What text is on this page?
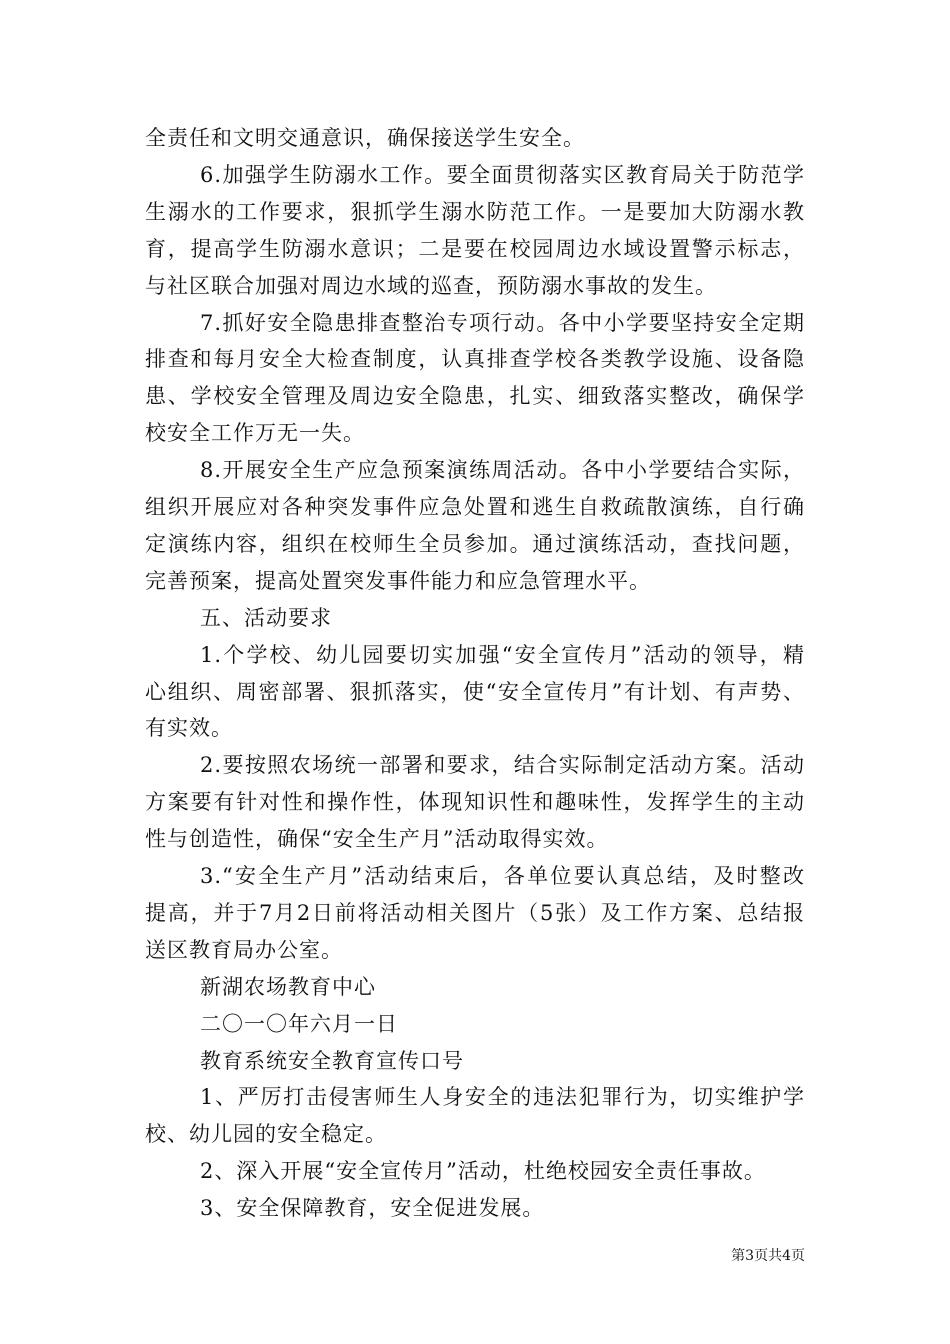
全责任和文明交通意识，确保接送学生安全。
6.加强学生防溺水工作。要全面贯彻落实区教育局关于防范学
生溺水的工作要求，狠抓学生溺水防范工作。一是要加大防溺水教
育，提高学生防溺水意识；二是要在校园周边水域设置警示标志，
与社区联合加强对周边水域的巡查，预防溺水事故的发生。
7.抓好安全隐患排查整治专项行动。各中小学要坚持安全定期
排查和每月安全大检查制度，认真排查学校各类教学设施、设备隐
患、学校安全管理及周边安全隐患，扎实、细致落实整改，确保学
校安全工作万无一失。
8.开展安全生产应急预案演练周活动。各中小学要结合实际，
组织开展应对各种突发事件应急处置和逃生自救疏散演练，自行确
定演练内容，组织在校师生全员参加。通过演练活动，查找问题，
完善预案，提高处置突发事件能力和应急管理水平。
五、活动要求
1.个学校、幼儿园要切实加强“安全宣传月”活动的领导，精
心组织、周密部署、狠抓落实，使“安全宣传月”有计划、有声势、
有实效。
2.要按照农场统一部署和要求，结合实际制定活动方案。活动
方案要有针对性和操作性，体现知识性和趣味性，发挥学生的主动
性与创造性，确保“安全生产月”活动取得实效。
3.“安全生产月”活动结束后，各单位要认真总结，及时整改
提高，并于7月2日前将活动相关图片（5张）及工作方案、总结报
送区教育局办公室。
新湖农场教育中心
二〇一〇年六月一日
教育系统安全教育宣传口号
1、严厉打击侵害师生人身安全的违法犯罪行为，切实维护学
校、幼儿园的安全稳定。
2、深入开展“安全宣传月”活动，杜绝校园安全责任事故。
3、安全保障教育，安全促进发展。
第3页共4页
